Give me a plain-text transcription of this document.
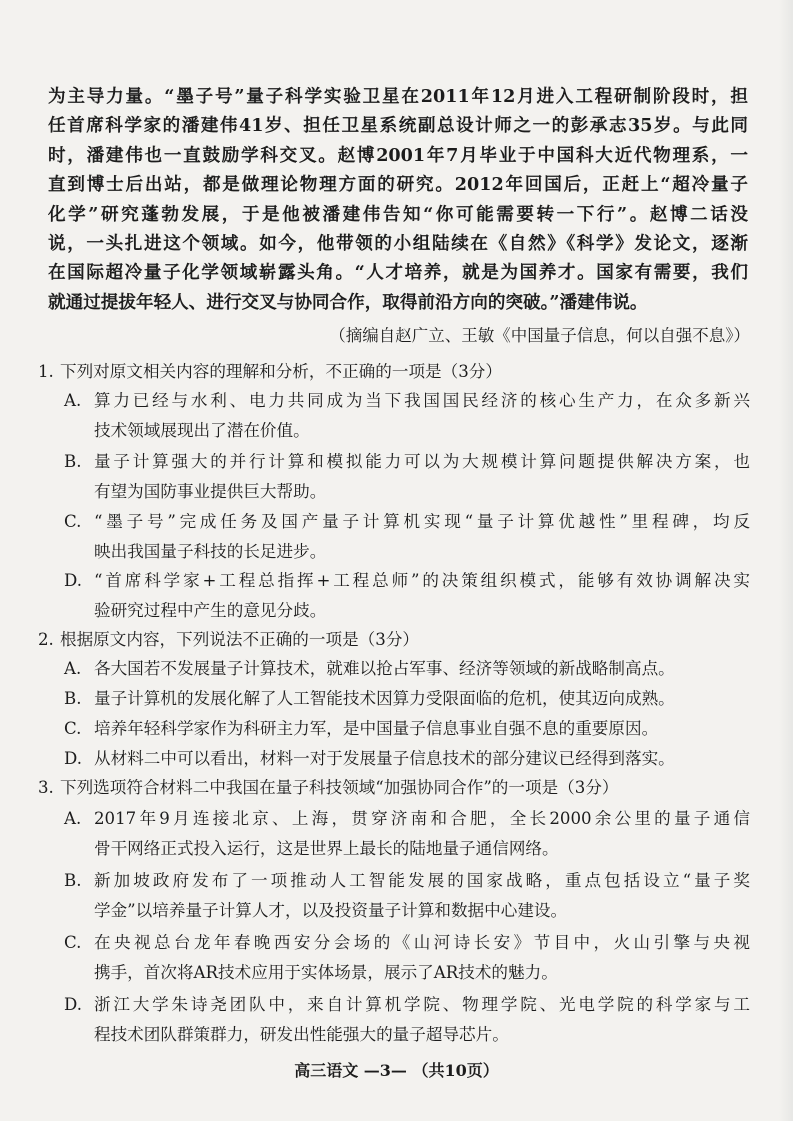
为主导力量。“墨子号”量子科学实验卫星在2011年12月进入工程研制阶段时，担
任首席科学家的潘建伟41岁、担任卫星系统副总设计师之一的彭承志35岁。与此同
时，潘建伟也一直鼓励学科交叉。赵博2001年7月毕业于中国科大近代物理系，一
直到博士后出站，都是做理论物理方面的研究。2012年回国后，正赶上“超冷量子
化学”研究蓬勃发展，于是他被潘建伟告知“你可能需要转一下行”。赵博二话没
说，一头扎进这个领域。如今，他带领的小组陆续在《自然》《科学》发论文，逐渐
在国际超冷量子化学领域崭露头角。“人才培养，就是为国养才。国家有需要，我们
就通过提拔年轻人、进行交叉与协同合作，取得前沿方向的突破。”潘建伟说。
（摘编自赵广立、王敏《中国量子信息，何以自强不息》）
1. 下列对原文相关内容的理解和分析，不正确的一项是（3分）
A. 算力已经与水利、电力共同成为当下我国国民经济的核心生产力，在众多新兴
技术领域展现出了潜在价值。
B. 量子计算强大的并行计算和模拟能力可以为大规模计算问题提供解决方案，也
有望为国防事业提供巨大帮助。
C. “墨子号”完成任务及国产量子计算机实现“量子计算优越性”里程碑，均反
映出我国量子科技的长足进步。
D. “首席科学家+工程总指挥+工程总师”的决策组织模式，能够有效协调解决实
验研究过程中产生的意见分歧。
2. 根据原文内容，下列说法不正确的一项是（3分）
A. 各大国若不发展量子计算技术，就难以抢占军事、经济等领域的新战略制高点。
B. 量子计算机的发展化解了人工智能技术因算力受限面临的危机，使其迈向成熟。
C. 培养年轻科学家作为科研主力军，是中国量子信息事业自强不息的重要原因。
D. 从材料二中可以看出，材料一对于发展量子信息技术的部分建议已经得到落实。
3. 下列选项符合材料二中我国在量子科技领域“加强协同合作”的一项是（3分）
A. 2017年9月连接北京、上海，贯穿济南和合肥，全长2000余公里的量子通信
骨干网络正式投入运行，这是世界上最长的陆地量子通信网络。
B. 新加坡政府发布了一项推动人工智能发展的国家战略，重点包括设立“量子奖
学金”以培养量子计算人才，以及投资量子计算和数据中心建设。
C. 在央视总台龙年春晚西安分会场的《山河诗长安》节目中，火山引擎与央视
携手，首次将AR技术应用于实体场景，展示了AR技术的魅力。
D. 浙江大学朱诗尧团队中，来自计算机学院、物理学院、光电学院的科学家与工
程技术团队群策群力，研发出性能强大的量子超导芯片。
高三语文 —3— （共10页）
